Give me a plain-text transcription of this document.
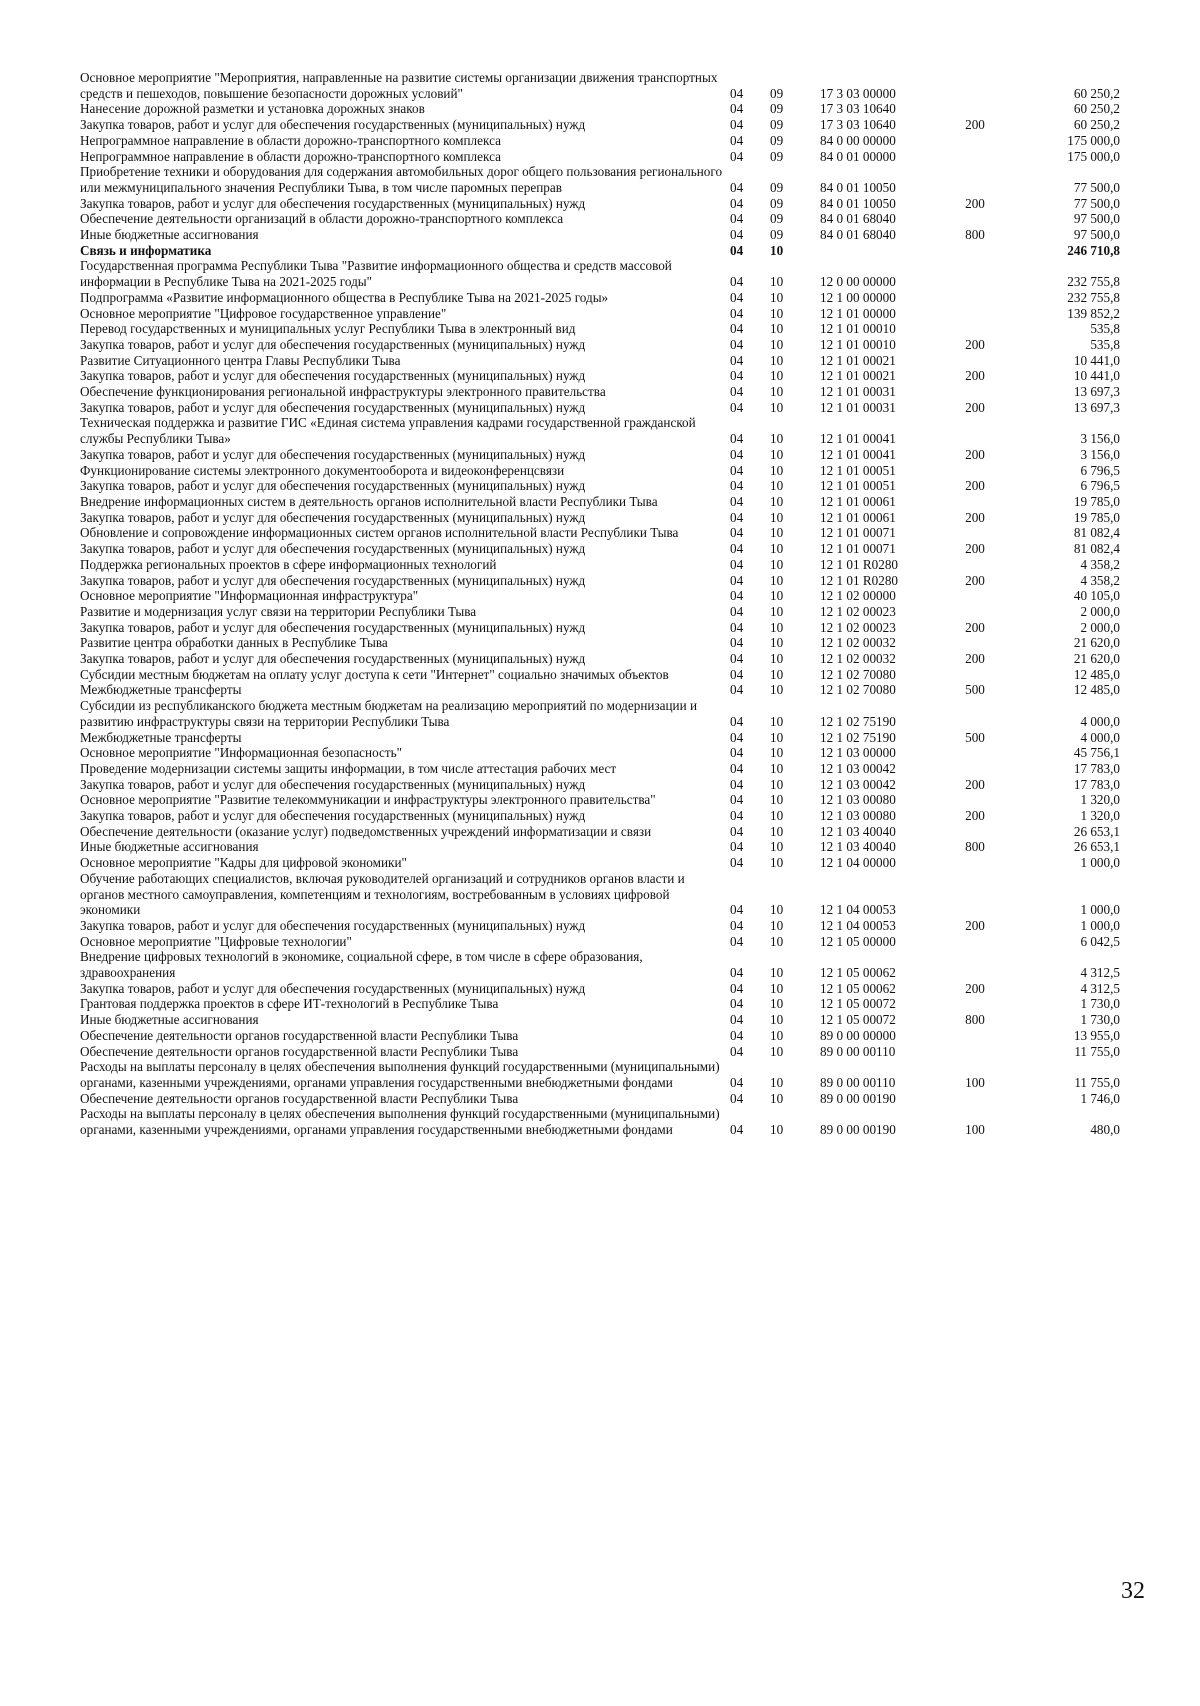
Основное мероприятие "Мероприятия, направленные на развитие системы организации движения транспортных средств и пешеходов, повышение безопасности дорожных условий"	04	09	17 3 03 00000		60 250,2
Нанесение дорожной разметки и установка дорожных знаков	04	09	17 3 03 10640		60 250,2
Закупка товаров, работ и услуг для обеспечения государственных (муниципальных) нужд	04	09	17 3 03 10640	200	60 250,2
Непрограммное направление в области дорожно-транспортного комплекса	04	09	84 0 00 00000		175 000,0
Непрограммное направление в области дорожно-транспортного комплекса	04	09	84 0 01 00000		175 000,0
Приобретение техники и оборудования для содержания автомобильных дорог общего пользования регионального или межмуниципального значения Республики Тыва, в том числе паромных переправ	04	09	84 0 01 10050		77 500,0
Закупка товаров, работ и услуг для обеспечения государственных (муниципальных) нужд	04	09	84 0 01 10050	200	77 500,0
Обеспечение деятельности организаций в области дорожно-транспортного комплекса	04	09	84 0 01 68040		97 500,0
Иные бюджетные ассигнования	04	09	84 0 01 68040	800	97 500,0
Связь и информатика	04	10			246 710,8
Государственная программа Республики Тыва "Развитие информационного общества и средств массовой информации в Республике Тыва на 2021-2025 годы"	04	10	12 0 00 00000		232 755,8
Подпрограмма «Развитие информационного общества в Республике Тыва на 2021-2025 годы»	04	10	12 1 00 00000		232 755,8
Основное мероприятие "Цифровое государственное управление"	04	10	12 1 01 00000		139 852,2
Перевод государственных и муниципальных услуг Республики Тыва в электронный вид	04	10	12 1 01 00010		535,8
Закупка товаров, работ и услуг для обеспечения государственных (муниципальных) нужд	04	10	12 1 01 00010	200	535,8
Развитие Ситуационного центра Главы Республики Тыва	04	10	12 1 01 00021		10 441,0
Закупка товаров, работ и услуг для обеспечения государственных (муниципальных) нужд	04	10	12 1 01 00021	200	10 441,0
Обеспечение функционирования региональной инфраструктуры электронного правительства	04	10	12 1 01 00031		13 697,3
Закупка товаров, работ и услуг для обеспечения государственных (муниципальных) нужд	04	10	12 1 01 00031	200	13 697,3
Техническая поддержка и развитие ГИС «Единая система управления кадрами государственной гражданской службы Республики Тыва»	04	10	12 1 01 00041		3 156,0
Закупка товаров, работ и услуг для обеспечения государственных (муниципальных) нужд	04	10	12 1 01 00041	200	3 156,0
Функционирование системы электронного документооборота и видеоконференцсвязи	04	10	12 1 01 00051		6 796,5
Закупка товаров, работ и услуг для обеспечения государственных (муниципальных) нужд	04	10	12 1 01 00051	200	6 796,5
Внедрение информационных систем в деятельность органов исполнительной власти Республики Тыва	04	10	12 1 01 00061		19 785,0
Закупка товаров, работ и услуг для обеспечения государственных (муниципальных) нужд	04	10	12 1 01 00061	200	19 785,0
Обновление и сопровождение информационных систем органов исполнительной власти Республики Тыва	04	10	12 1 01 00071		81 082,4
Закупка товаров, работ и услуг для обеспечения государственных (муниципальных) нужд	04	10	12 1 01 00071	200	81 082,4
Поддержка региональных проектов в сфере информационных технологий	04	10	12 1 01 R0280		4 358,2
Закупка товаров, работ и услуг для обеспечения государственных (муниципальных) нужд	04	10	12 1 01 R0280	200	4 358,2
Основное мероприятие "Информационная инфраструктура"	04	10	12 1 02 00000		40 105,0
Развитие и модернизация услуг связи на территории Республики Тыва	04	10	12 1 02 00023		2 000,0
Закупка товаров, работ и услуг для обеспечения государственных (муниципальных) нужд	04	10	12 1 02 00023	200	2 000,0
Развитие центра обработки данных в Республике Тыва	04	10	12 1 02 00032		21 620,0
Закупка товаров, работ и услуг для обеспечения государственных (муниципальных) нужд	04	10	12 1 02 00032	200	21 620,0
Субсидии местным бюджетам на оплату услуг доступа к сети "Интернет" социально значимых объектов	04	10	12 1 02 70080		12 485,0
Межбюджетные трансферты	04	10	12 1 02 70080	500	12 485,0
Субсидии из республиканского бюджета местным бюджетам на реализацию мероприятий по модернизации и развитию инфраструктуры связи на территории Республики Тыва	04	10	12 1 02 75190		4 000,0
Межбюджетные трансферты	04	10	12 1 02 75190	500	4 000,0
Основное мероприятие "Информационная безопасность"	04	10	12 1 03 00000		45 756,1
Проведение модернизации системы защиты информации, в том числе аттестация рабочих мест	04	10	12 1 03 00042		17 783,0
Закупка товаров, работ и услуг для обеспечения государственных (муниципальных) нужд	04	10	12 1 03 00042	200	17 783,0
Основное мероприятие "Развитие телекоммуникации и инфраструктуры электронного правительства"	04	10	12 1 03 00080		1 320,0
Закупка товаров, работ и услуг для обеспечения государственных (муниципальных) нужд	04	10	12 1 03 00080	200	1 320,0
Обеспечение деятельности (оказание услуг) подведомственных учреждений информатизации и связи	04	10	12 1 03 40040		26 653,1
Иные бюджетные ассигнования	04	10	12 1 03 40040	800	26 653,1
Основное мероприятие "Кадры для цифровой экономики"	04	10	12 1 04 00000		1 000,0
Обучение работающих специалистов, включая руководителей организаций и сотрудников органов власти и органов местного самоуправления, компетенциям и технологиям, востребованным в условиях цифровой экономики	04	10	12 1 04 00053		1 000,0
Закупка товаров, работ и услуг для обеспечения государственных (муниципальных) нужд	04	10	12 1 04 00053	200	1 000,0
Основное мероприятие "Цифровые технологии"	04	10	12 1 05 00000		6 042,5
Внедрение цифровых технологий в экономике, социальной сфере, в том числе в сфере образования, здравоохранения	04	10	12 1 05 00062		4 312,5
Закупка товаров, работ и услуг для обеспечения государственных (муниципальных) нужд	04	10	12 1 05 00062	200	4 312,5
Грантовая поддержка проектов в сфере ИТ-технологий в Республике Тыва	04	10	12 1 05 00072		1 730,0
Иные бюджетные ассигнования	04	10	12 1 05 00072	800	1 730,0
Обеспечение деятельности органов государственной власти Республики Тыва	04	10	89 0 00 00000		13 955,0
Обеспечение деятельности органов государственной власти Республики Тыва	04	10	89 0 00 00110		11 755,0
Расходы на выплаты персоналу в целях обеспечения выполнения функций государственными (муниципальными) органами, казенными учреждениями, органами управления государственными внебюджетными фондами	04	10	89 0 00 00110	100	11 755,0
Обеспечение деятельности органов государственной власти Республики Тыва	04	10	89 0 00 00190		1 746,0
Расходы на выплаты персоналу в целях обеспечения выполнения функций государственными (муниципальными) органами, казенными учреждениями, органами управления государственными внебюджетными фондами	04	10	89 0 00 00190	100	480,0
32
